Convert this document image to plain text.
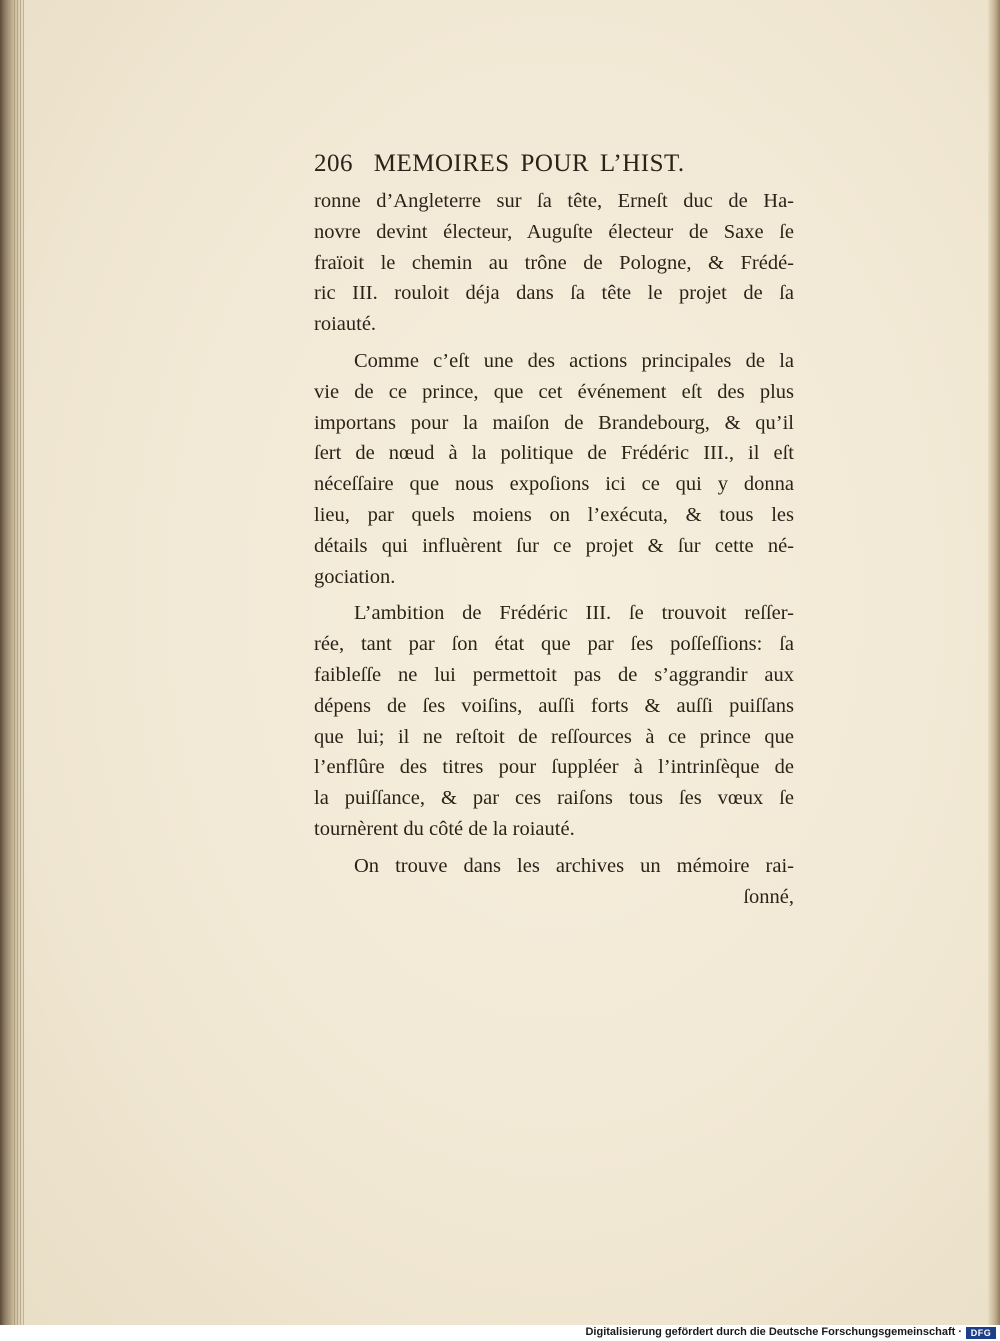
206 MEMOIRES POUR L’HIST.
ronne d’Angleterre sur ſa tête, Erneſt duc de Ha-
novre devint électeur, Auguſte électeur de Saxe ſe
fraïoit le chemin au trône de Pologne, & Frédé-
ric III. rouloit déja dans ſa tête le projet de ſa
roiauté.
Comme c’eſt une des actions principales de la
vie de ce prince, que cet événement eſt des plus
importans pour la maiſon de Brandebourg, & qu’il
ſert de nœud à la politique de Frédéric III., il eſt
néceſſaire que nous expoſions ici ce qui y donna
lieu, par quels moiens on l’exécuta, & tous les
détails qui influèrent ſur ce projet & ſur cette né-
gociation.
L’ambition de Frédéric III. ſe trouvoit reſſer-
rée, tant par ſon état que par ſes poſſeſſions: ſa
faibleſſe ne lui permettoit pas de s’aggrandir aux
dépens de ſes voiſins, auſſi forts & auſſi puiſſans
que lui; il ne reſtoit de reſſources à ce prince que
l’enflûre des titres pour ſuppléer à l’intrinſèque de
la puiſſance, & par ces raiſons tous ſes vœux ſe
tournèrent du côté de la roiauté.
On trouve dans les archives un mémoire rai-
ſonné,
Digitalisierung gefördert durch die Deutsche Forschungsgemeinschaft · DFG
